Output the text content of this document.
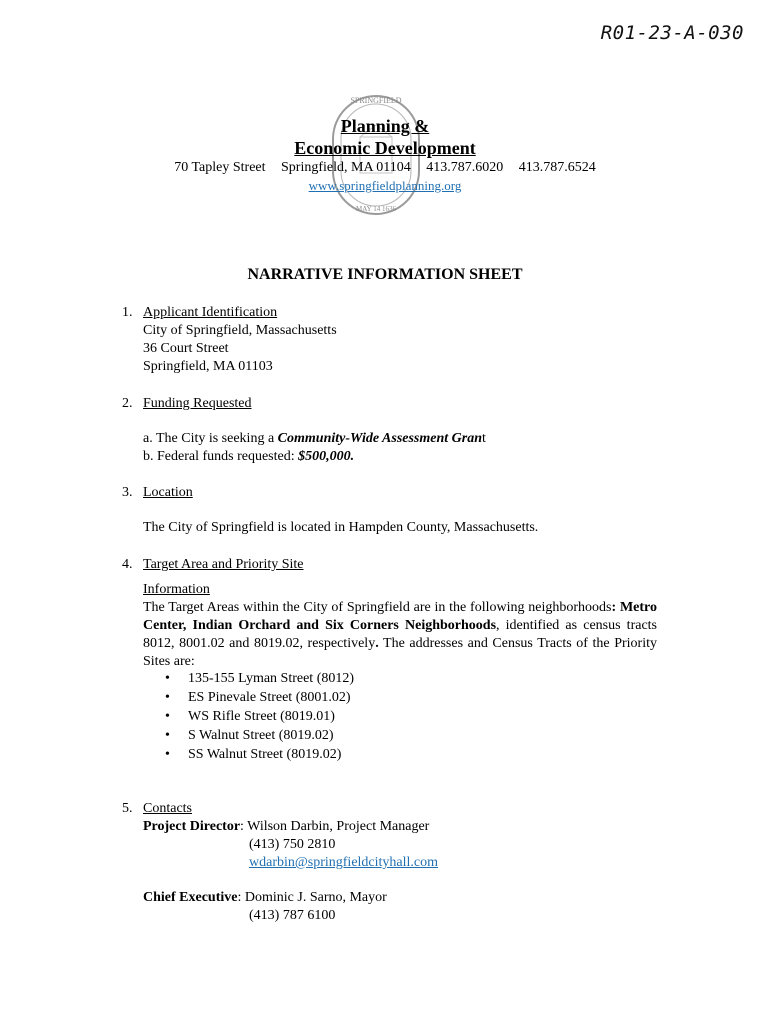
R01-23-A-030
SPRINGFIELD
MAY 14 1636
Planning &
Economic Development
70 Tapley Street Springfield, MA 01104 413.787.6020 413.787.6524
www.springfieldplanning.org
NARRATIVE INFORMATION SHEET
1. Applicant Identification
City of Springfield, Massachusetts
36 Court Street
Springfield, MA 01103
2. Funding Requested
a. The City is seeking a Community-Wide Assessment Grant
b. Federal funds requested: $500,000.
3. Location
The City of Springfield is located in Hampden County, Massachusetts.
4. Target Area and Priority Site
Information
The Target Areas within the City of Springfield are in the following neighborhoods: Metro Center, Indian Orchard and Six Corners Neighborhoods, identified as census tracts 8012, 8001.02 and 8019.02, respectively. The addresses and Census Tracts of the Priority Sites are:
• 135-155 Lyman Street (8012)
• ES Pinevale Street (8001.02)
• WS Rifle Street (8019.01)
• S Walnut Street (8019.02)
• SS Walnut Street (8019.02)
5. Contacts
Project Director: Wilson Darbin, Project Manager
(413) 750 2810
wdarbin@springfieldcityhall.com
Chief Executive: Dominic J. Sarno, Mayor
(413) 787 6100
